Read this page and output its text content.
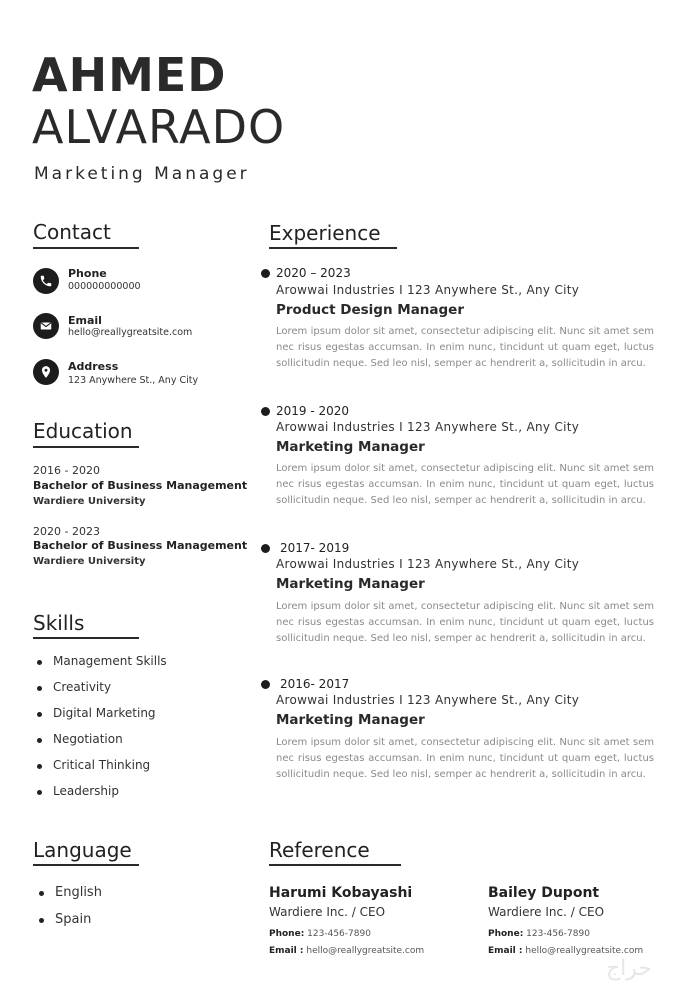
AHMED
ALVARADO
Marketing Manager
Contact
Phone
000000000000
Email
hello@reallygreatsite.com
Address
123 Anywhere St., Any City
Education
2016 - 2020
Bachelor of Business Management
Wardiere University
2020 - 2023
Bachelor of Business Management
Wardiere University
Skills
Management Skills
Creativity
Digital Marketing
Negotiation
Critical Thinking
Leadership
Language
English
Spain
Experience
2020 – 2023
Arowwai Industries I 123 Anywhere St., Any City
Product Design Manager
Lorem ipsum dolor sit amet, consectetur adipiscing elit. Nunc sit amet sem nec risus egestas accumsan. In enim nunc, tincidunt ut quam eget, luctus sollicitudin neque. Sed leo nisl, semper ac hendrerit a, sollicitudin in arcu.
2019 - 2020
Arowwai Industries I 123 Anywhere St., Any City
Marketing Manager
Lorem ipsum dolor sit amet, consectetur adipiscing elit. Nunc sit amet sem nec risus egestas accumsan. In enim nunc, tincidunt ut quam eget, luctus sollicitudin neque. Sed leo nisl, semper ac hendrerit a, sollicitudin in arcu.
2017- 2019
Arowwai Industries I 123 Anywhere St., Any City
Marketing Manager
Lorem ipsum dolor sit amet, consectetur adipiscing elit. Nunc sit amet sem nec risus egestas accumsan. In enim nunc, tincidunt ut quam eget, luctus sollicitudin neque. Sed leo nisl, semper ac hendrerit a, sollicitudin in arcu.
2016- 2017
Arowwai Industries I 123 Anywhere St., Any City
Marketing Manager
Lorem ipsum dolor sit amet, consectetur adipiscing elit. Nunc sit amet sem nec risus egestas accumsan. In enim nunc, tincidunt ut quam eget, luctus sollicitudin neque. Sed leo nisl, semper ac hendrerit a, sollicitudin in arcu.
Reference
Harumi Kobayashi
Wardiere Inc. / CEO
Phone: 123-456-7890
Email : hello@reallygreatsite.com
Bailey Dupont
Wardiere Inc. / CEO
Phone: 123-456-7890
Email : hello@reallygreatsite.com
حراج
